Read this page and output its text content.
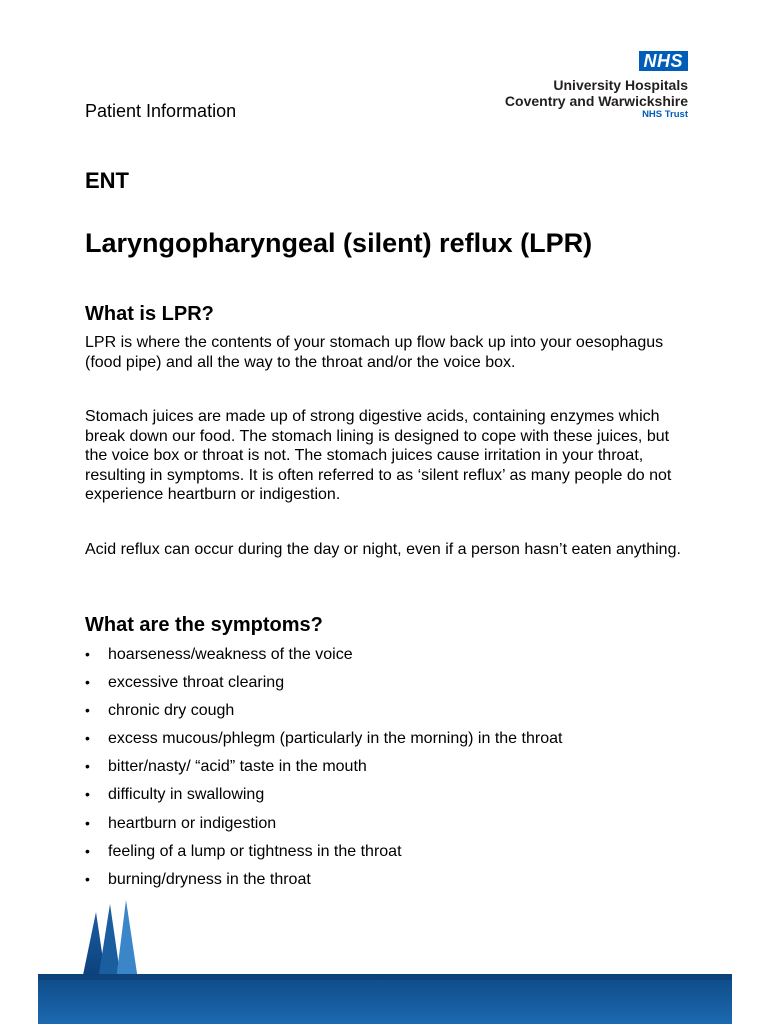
NHS
University Hospitals
Coventry and Warwickshire
NHS Trust
Patient Information
ENT
Laryngopharyngeal (silent) reflux (LPR)
What is LPR?

LPR is where the contents of your stomach up flow back up into your oesophagus (food pipe) and all the way to the throat and/or the voice box.

Stomach juices are made up of strong digestive acids, containing enzymes which break down our food. The stomach lining is designed to cope with these juices, but the voice box or throat is not. The stomach juices cause irritation in your throat, resulting in symptoms. It is often referred to as ‘silent reflux’ as many people do not experience heartburn or indigestion.

Acid reflux can occur during the day or night, even if a person hasn’t eaten anything.

What are the symptoms?
• hoarseness/weakness of the voice
• excessive throat clearing
• chronic dry cough
• excess mucous/phlegm (particularly in the morning) in the throat
• bitter/nasty/ “acid” taste in the mouth
• difficulty in swallowing
• heartburn or indigestion
• feeling of a lump or tightness in the throat
• burning/dryness in the throat
